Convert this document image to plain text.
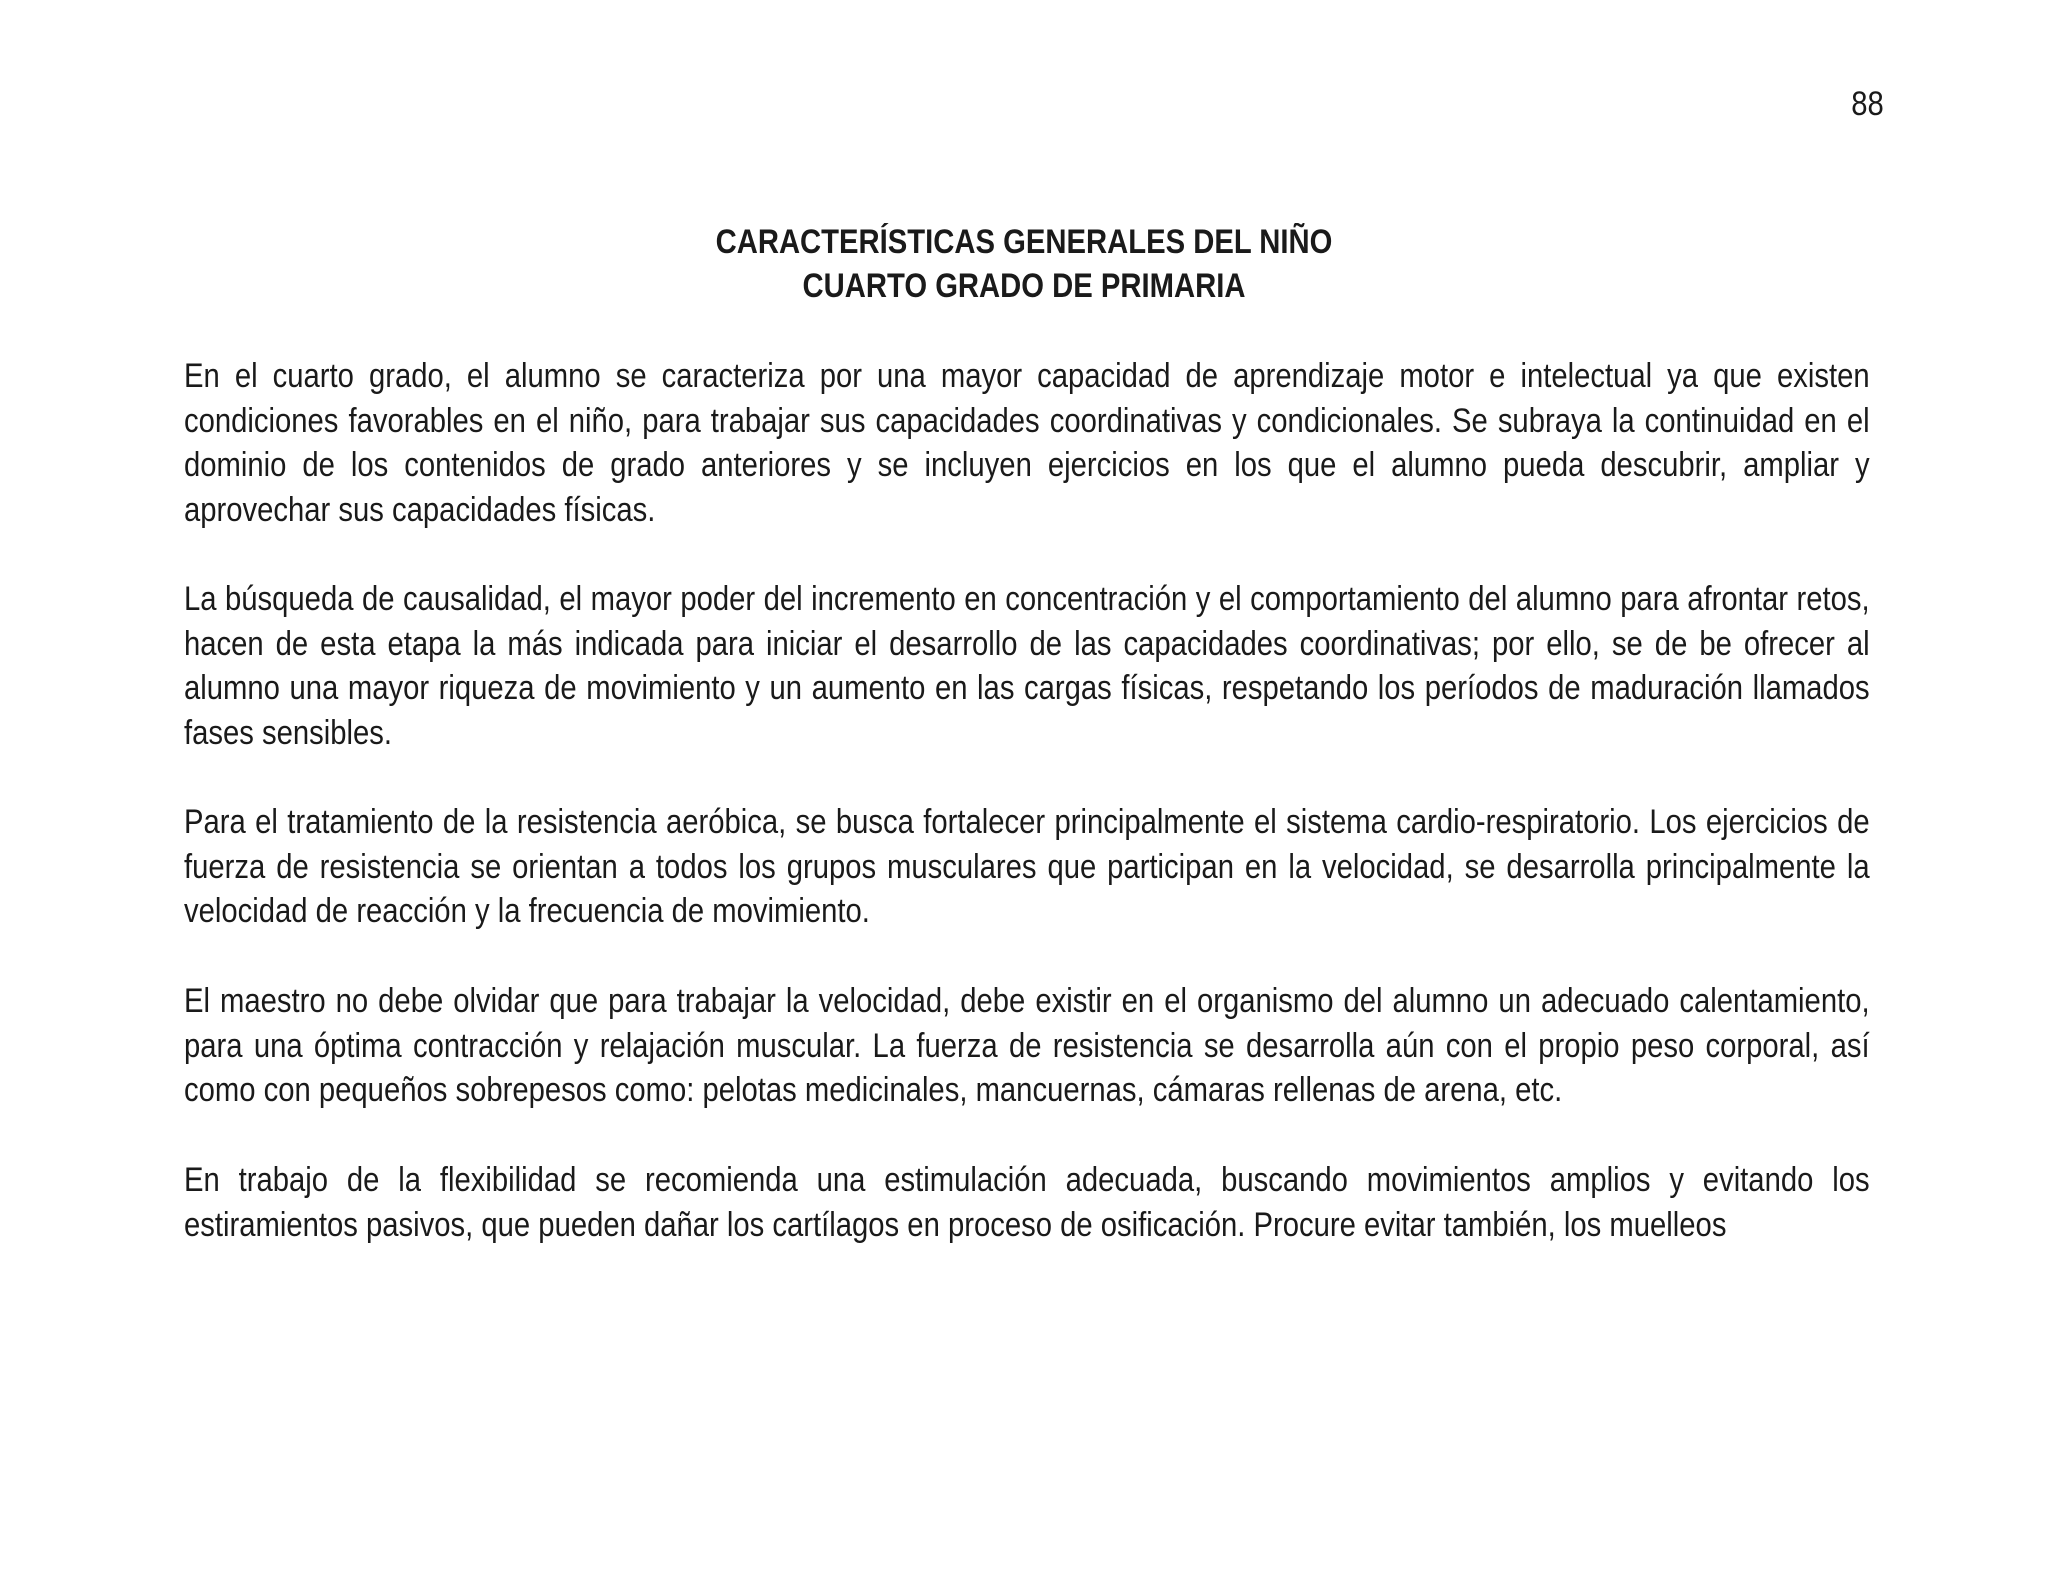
88
CARACTERÍSTICAS GENERALES DEL NIÑO
CUARTO GRADO DE PRIMARIA

En el cuarto grado, el alumno se caracteriza por una mayor capacidad de aprendizaje motor e intelectual ya que existen condiciones favorables en el niño, para trabajar sus capacidades coordinativas y condicionales. Se subraya la continuidad en el dominio de los contenidos de grado anteriores y se incluyen ejercicios en los que el alumno pueda descubrir, ampliar y aprovechar sus capacidades físicas.

La búsqueda de causalidad, el mayor poder del incremento en concentración y el comportamiento del alumno para afrontar retos, hacen de esta etapa la más indicada para iniciar el desarrollo de las capacidades coordinativas; por ello, se de be ofrecer al alumno una mayor riqueza de movimiento y un aumento en las cargas físicas, respetando los períodos de maduración llamados fases sensibles.

Para el tratamiento de la resistencia aeróbica, se busca fortalecer principalmente el sistema cardio-respiratorio. Los ejercicios de fuerza de resistencia se orientan a todos los grupos musculares que participan en la velocidad, se desarrolla principalmente la velocidad de reacción y la frecuencia de movimiento.

El maestro no debe olvidar que para trabajar la velocidad, debe existir en el organismo del alumno un adecuado calentamiento, para una óptima contracción y relajación muscular. La fuerza de resistencia se desarrolla aún con el propio peso corporal, así como con pequeños sobrepesos como: pelotas medicinales, mancuernas, cámaras rellenas de arena, etc.

En trabajo de la flexibilidad se recomienda una estimulación adecuada, buscando movimientos amplios y evitando los estiramientos pasivos, que pueden dañar los cartílagos en proceso de osificación. Procure evitar también, los muelleos
